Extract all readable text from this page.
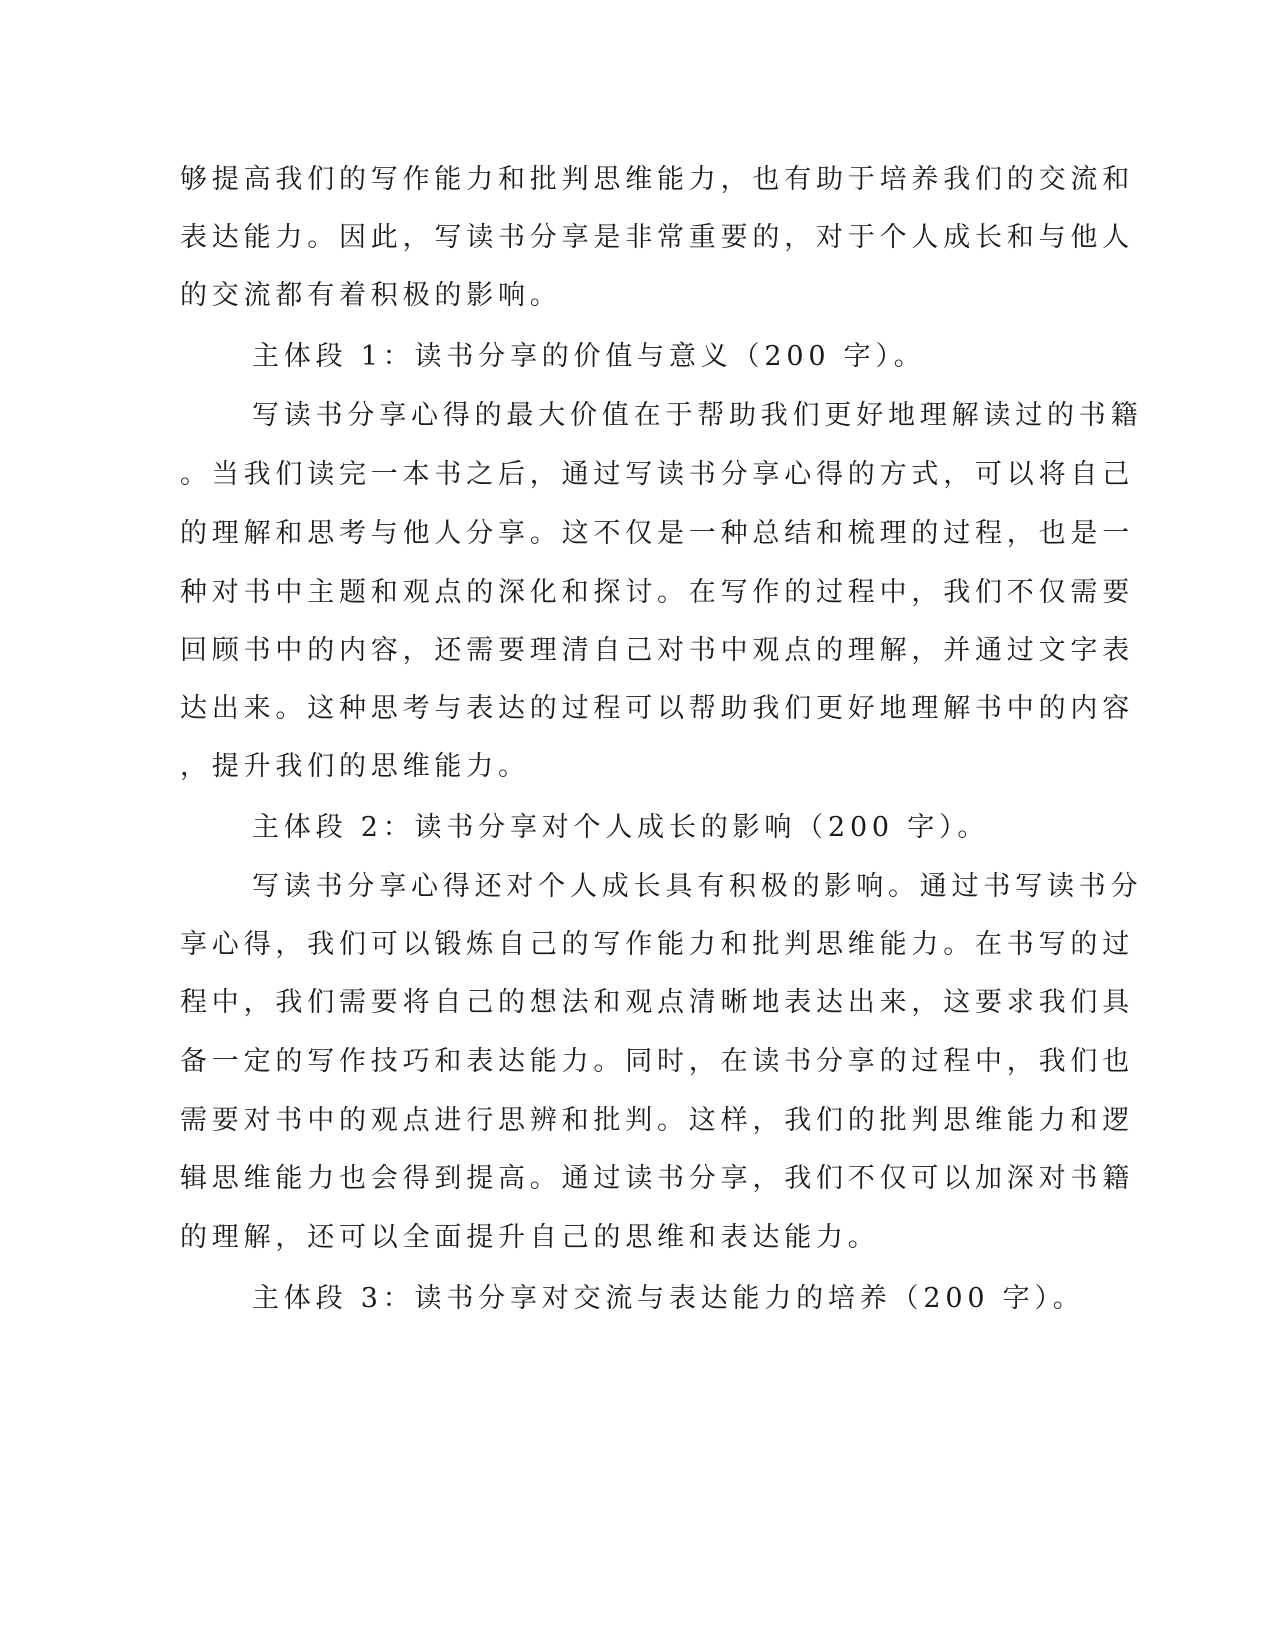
够提高我们的写作能力和批判思维能力，也有助于培养我们的交流和
表达能力。因此，写读书分享是非常重要的，对于个人成长和与他人
的交流都有着积极的影响。
主体段 1：读书分享的价值与意义（200 字）。
写读书分享心得的最大价值在于帮助我们更好地理解读过的书籍
。当我们读完一本书之后，通过写读书分享心得的方式，可以将自己
的理解和思考与他人分享。这不仅是一种总结和梳理的过程，也是一
种对书中主题和观点的深化和探讨。在写作的过程中，我们不仅需要
回顾书中的内容，还需要理清自己对书中观点的理解，并通过文字表
达出来。这种思考与表达的过程可以帮助我们更好地理解书中的内容
，提升我们的思维能力。
主体段 2：读书分享对个人成长的影响（200 字）。
写读书分享心得还对个人成长具有积极的影响。通过书写读书分
享心得，我们可以锻炼自己的写作能力和批判思维能力。在书写的过
程中，我们需要将自己的想法和观点清晰地表达出来，这要求我们具
备一定的写作技巧和表达能力。同时，在读书分享的过程中，我们也
需要对书中的观点进行思辨和批判。这样，我们的批判思维能力和逻
辑思维能力也会得到提高。通过读书分享，我们不仅可以加深对书籍
的理解，还可以全面提升自己的思维和表达能力。
主体段 3：读书分享对交流与表达能力的培养（200 字）。
